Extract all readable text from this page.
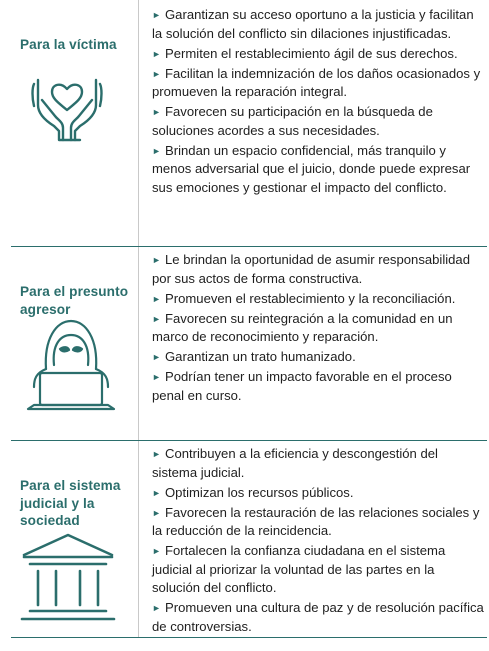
Para la víctima
► Garantizan su acceso oportuno a la justicia y facilitan la solución del conflicto sin dilaciones injustificadas.
► Permiten el restablecimiento ágil de sus derechos.
► Facilitan la indemnización de los daños ocasionados y promueven la reparación integral.
► Favorecen su participación en la búsqueda de soluciones acordes a sus necesidades.
► Brindan un espacio confidencial, más tranquilo y menos adversarial que el juicio, donde puede expresar sus emociones y gestionar el impacto del conflicto.
Para el presunto agresor
► Le brindan la oportunidad de asumir responsabilidad por sus actos de forma constructiva.
► Promueven el restablecimiento y la reconciliación.
► Favorecen su reintegración a la comunidad en un marco de reconocimiento y reparación.
► Garantizan un trato humanizado.
► Podrían tener un impacto favorable en el proceso penal en curso.
Para el sistema judicial y la sociedad
► Contribuyen a la eficiencia y descongestión del sistema judicial.
► Optimizan los recursos públicos.
► Favorecen la restauración de las relaciones sociales y la reducción de la reincidencia.
► Fortalecen la confianza ciudadana en el sistema judicial al priorizar la voluntad de las partes en la solución del conflicto.
► Promueven una cultura de paz y de resolución pacífica de controversias.
